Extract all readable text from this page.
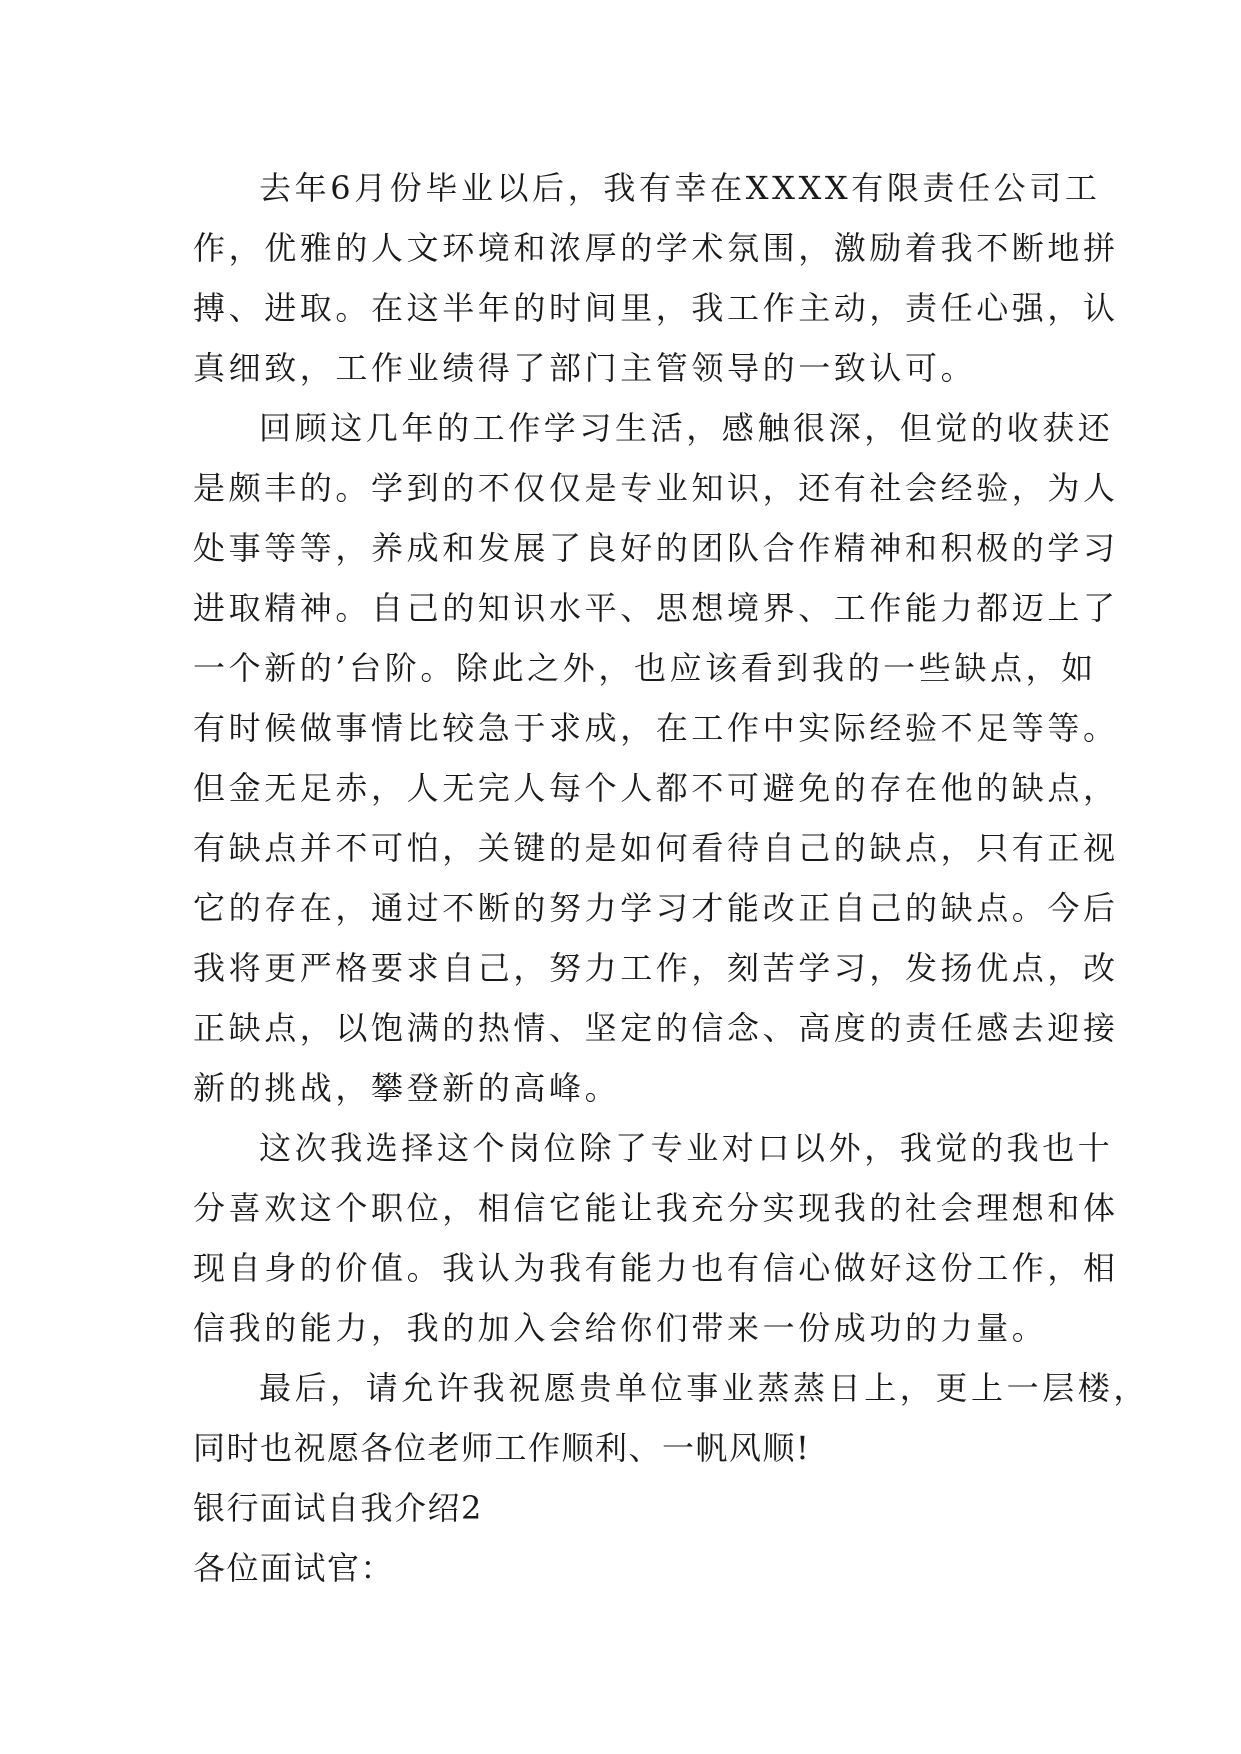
去年6月份毕业以后，我有幸在XXXX有限责任公司工
作，优雅的人文环境和浓厚的学术氛围，激励着我不断地拼
搏、进取。在这半年的时间里，我工作主动，责任心强，认
真细致，工作业绩得了部门主管领导的一致认可。
回顾这几年的工作学习生活，感触很深，但觉的收获还
是颇丰的。学到的不仅仅是专业知识，还有社会经验，为人
处事等等，养成和发展了良好的团队合作精神和积极的学习
进取精神。自己的知识水平、思想境界、工作能力都迈上了
一个新的’台阶。除此之外，也应该看到我的一些缺点，如
有时候做事情比较急于求成，在工作中实际经验不足等等。
但金无足赤，人无完人每个人都不可避免的存在他的缺点，
有缺点并不可怕，关键的是如何看待自己的缺点，只有正视
它的存在，通过不断的努力学习才能改正自己的缺点。今后
我将更严格要求自己，努力工作，刻苦学习，发扬优点，改
正缺点，以饱满的热情、坚定的信念、高度的责任感去迎接
新的挑战，攀登新的高峰。
这次我选择这个岗位除了专业对口以外，我觉的我也十
分喜欢这个职位，相信它能让我充分实现我的社会理想和体
现自身的价值。我认为我有能力也有信心做好这份工作，相
信我的能力，我的加入会给你们带来一份成功的力量。
最后，请允许我祝愿贵单位事业蒸蒸日上，更上一层楼，
同时也祝愿各位老师工作顺利、一帆风顺!
银行面试自我介绍2
各位面试官：
